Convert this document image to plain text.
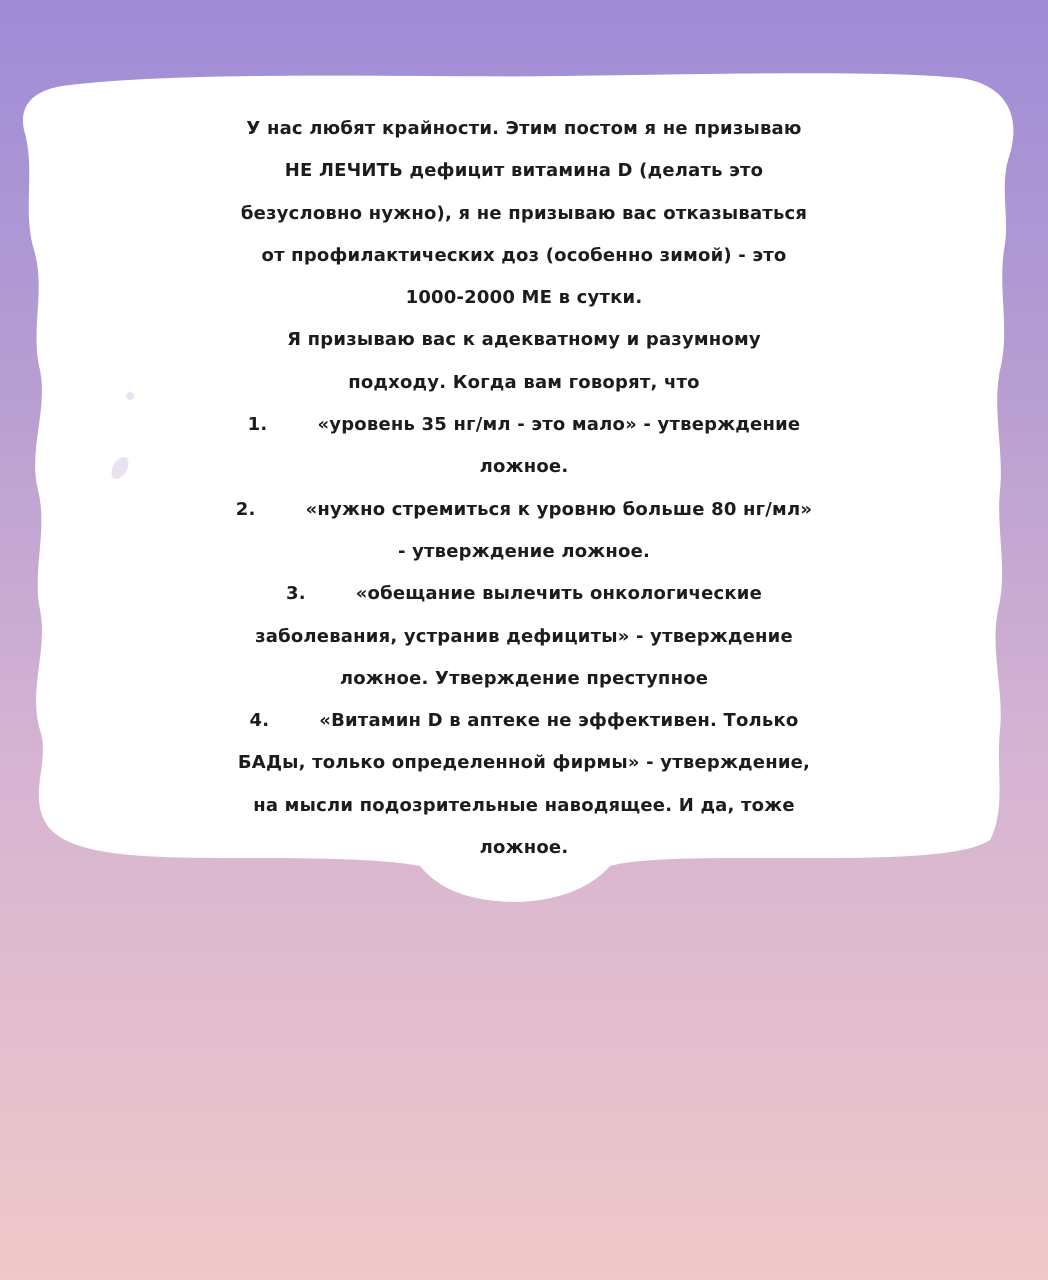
У нас любят крайности. Этим постом я не призываю
НЕ ЛЕЧИТЬ дефицит витамина D (делать это
безусловно нужно), я не призываю вас отказываться
от профилактических доз (особенно зимой) - это
1000-2000 МЕ в сутки.
Я призываю вас к адекватному и разумному
подходу. Когда вам говорят, что
1.	«уровень 35 нг/мл - это мало» - утверждение
ложное.
2.	«нужно стремиться к уровню больше 80 нг/мл»
- утверждение ложное.
3.	«обещание вылечить онкологические
заболевания, устранив дефициты» - утверждение
ложное. Утверждение преступное
4.	«Витамин D в аптеке не эффективен. Только
БАДы, только определенной фирмы» - утверждение,
на мысли подозрительные наводящее. И да, тоже
ложное.
